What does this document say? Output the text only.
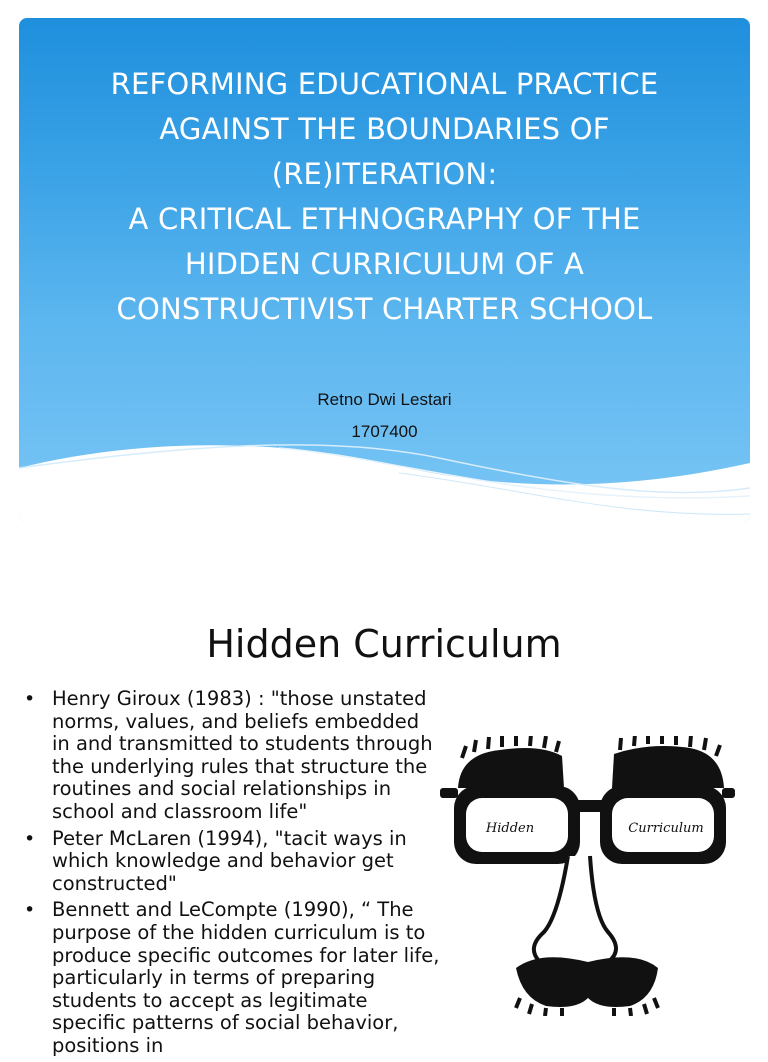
REFORMING EDUCATIONAL PRACTICE
AGAINST THE BOUNDARIES OF
(RE)ITERATION:
A CRITICAL ETHNOGRAPHY OF THE
HIDDEN CURRICULUM OF A
CONSTRUCTIVIST CHARTER SCHOOL
Retno Dwi Lestari
1707400
Hidden Curriculum
• Henry Giroux (1983) : "those unstated norms, values, and beliefs embedded in and transmitted to students through the underlying rules that structure the routines and social relationships in school and classroom life"
• Peter McLaren (1994), "tacit ways in which knowledge and behavior get constructed"
• Bennett and LeCompte (1990), “ The purpose of the hidden curriculum is to produce specific outcomes for later life, particularly in terms of preparing students to accept as legitimate specific patterns of social behavior, positions in
Hidden	Curriculum
